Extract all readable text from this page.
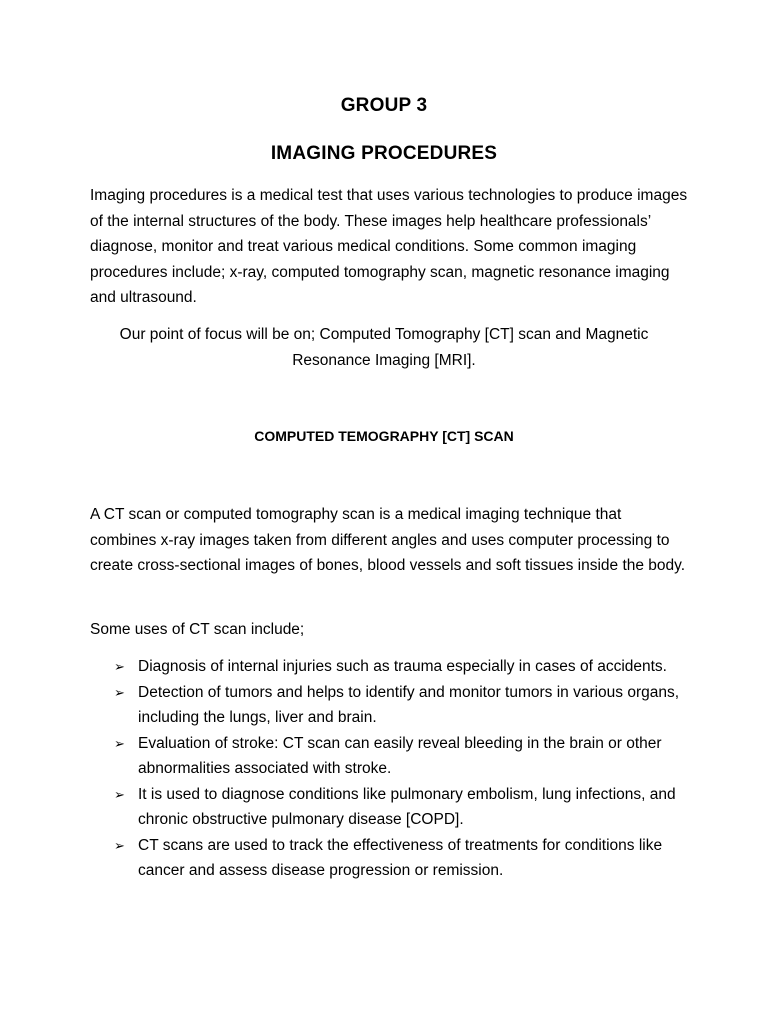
GROUP 3
IMAGING PROCEDURES
Imaging procedures is a medical test that uses various technologies to produce images of the internal structures of the body. These images help healthcare professionals’ diagnose, monitor and treat various medical conditions. Some common imaging procedures include; x-ray, computed tomography scan, magnetic resonance imaging and ultrasound.
Our point of focus will be on; Computed Tomography [CT] scan and Magnetic Resonance Imaging [MRI].
COMPUTED TEMOGRAPHY [CT] SCAN
A CT scan or computed tomography scan is a medical imaging technique that combines x-ray images taken from different angles and uses computer processing to create cross-sectional images of bones, blood vessels and soft tissues inside the body.
Some uses of CT scan include;
➢ Diagnosis of internal injuries such as trauma especially in cases of accidents.
➢ Detection of tumors and helps to identify and monitor tumors in various organs, including the lungs, liver and brain.
➢ Evaluation of stroke: CT scan can easily reveal bleeding in the brain or other abnormalities associated with stroke.
➢ It is used to diagnose conditions like pulmonary embolism, lung infections, and chronic obstructive pulmonary disease [COPD].
➢ CT scans are used to track the effectiveness of treatments for conditions like cancer and assess disease progression or remission.
